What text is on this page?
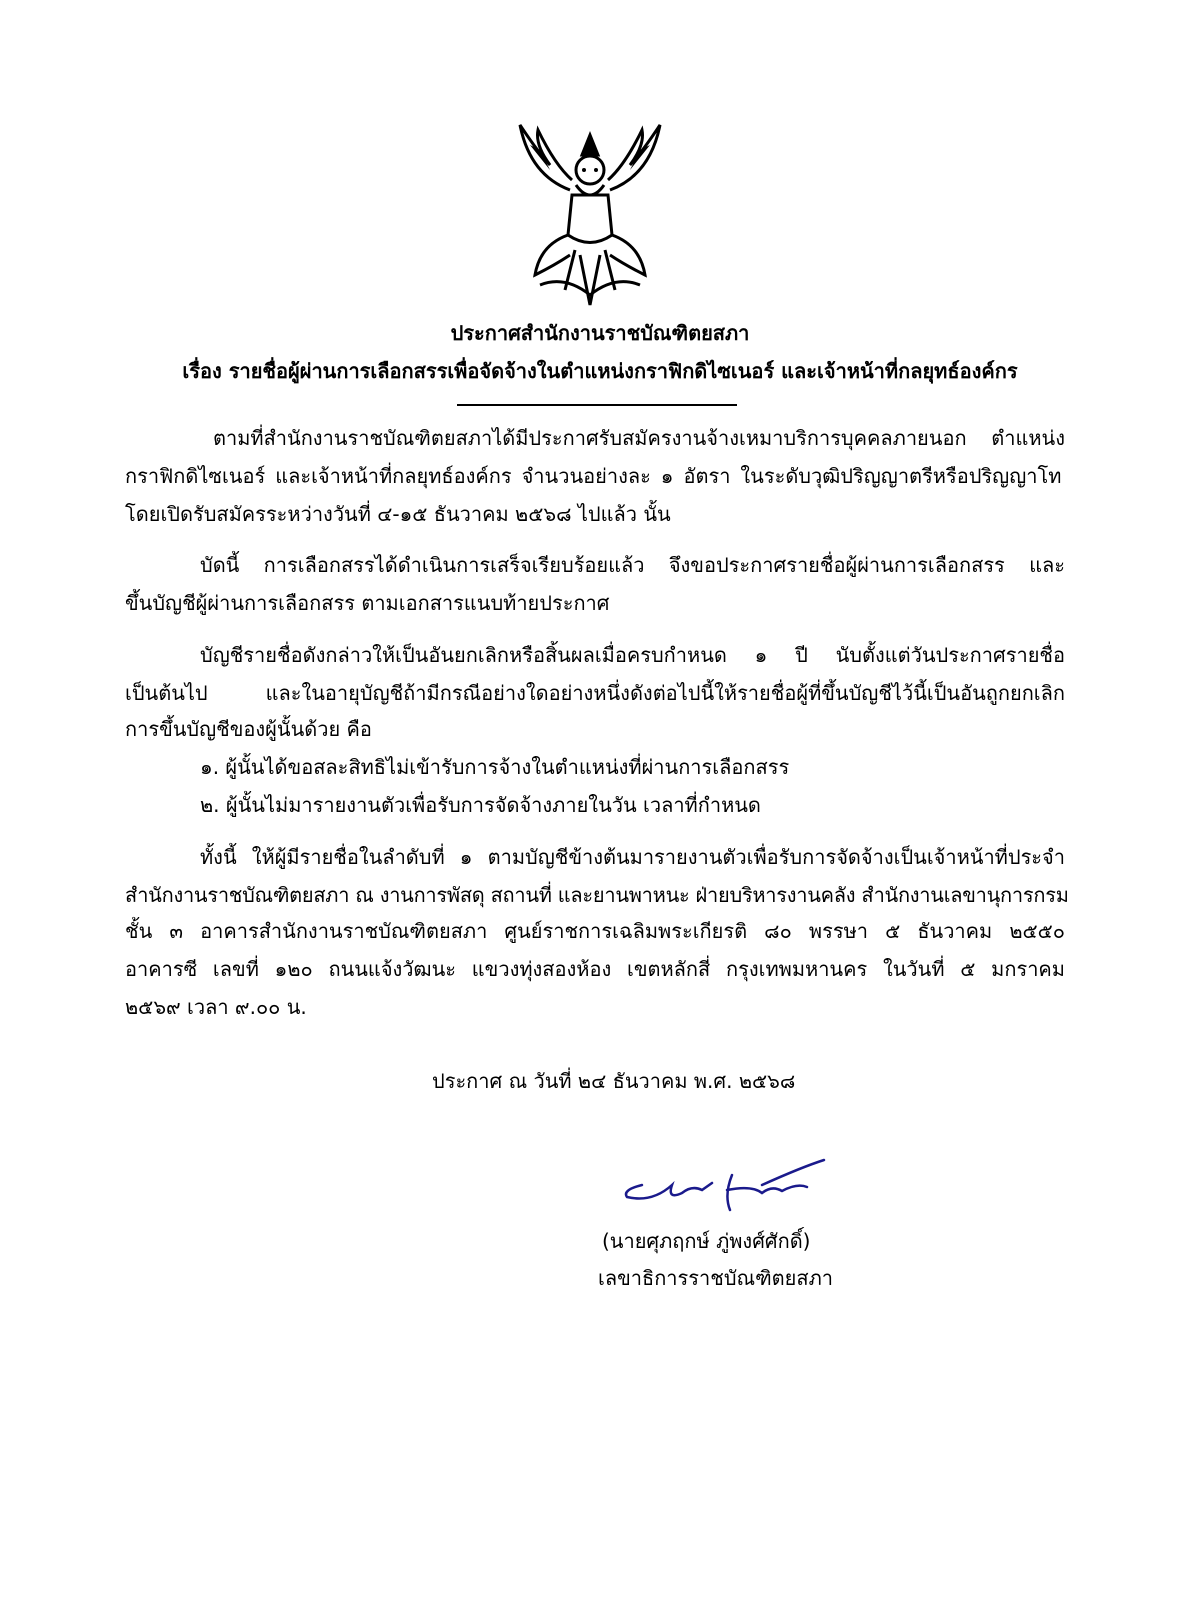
ประกาศสำนักงานราชบัณฑิตยสภา
เรื่อง รายชื่อผู้ผ่านการเลือกสรรเพื่อจัดจ้างในตำแหน่งกราฟิกดิไซเนอร์ และเจ้าหน้าที่กลยุทธ์องค์กร
ตามที่สำนักงานราชบัณฑิตยสภาได้มีประกาศรับสมัครงานจ้างเหมาบริการบุคคลภายนอก ตำแหน่ง
กราฟิกดิไซเนอร์ และเจ้าหน้าที่กลยุทธ์องค์กร จำนวนอย่างละ ๑ อัตรา ในระดับวุฒิปริญญาตรีหรือปริญญาโท
โดยเปิดรับสมัครระหว่างวันที่ ๔-๑๕ ธันวาคม ๒๕๖๘ ไปแล้ว นั้น
บัดนี้ การเลือกสรรได้ดำเนินการเสร็จเรียบร้อยแล้ว จึงขอประกาศรายชื่อผู้ผ่านการเลือกสรร และ
ขึ้นบัญชีผู้ผ่านการเลือกสรร ตามเอกสารแนบท้ายประกาศ
บัญชีรายชื่อดังกล่าวให้เป็นอันยกเลิกหรือสิ้นผลเมื่อครบกำหนด ๑ ปี นับตั้งแต่วันประกาศรายชื่อ
เป็นต้นไป และในอายุบัญชีถ้ามีกรณีอย่างใดอย่างหนึ่งดังต่อไปนี้ให้รายชื่อผู้ที่ขึ้นบัญชีไว้นี้เป็นอันถูกยกเลิก
การขึ้นบัญชีของผู้นั้นด้วย คือ
๑. ผู้นั้นได้ขอสละสิทธิไม่เข้ารับการจ้างในตำแหน่งที่ผ่านการเลือกสรร
๒. ผู้นั้นไม่มารายงานตัวเพื่อรับการจัดจ้างภายในวัน เวลาที่กำหนด
ทั้งนี้ ให้ผู้มีรายชื่อในลำดับที่ ๑ ตามบัญชีข้างต้นมารายงานตัวเพื่อรับการจัดจ้างเป็นเจ้าหน้าที่ประจำ
สำนักงานราชบัณฑิตยสภา ณ งานการพัสดุ สถานที่ และยานพาหนะ ฝ่ายบริหารงานคลัง สำนักงานเลขานุการกรม
ชั้น ๓ อาคารสำนักงานราชบัณฑิตยสภา ศูนย์ราชการเฉลิมพระเกียรติ ๘๐ พรรษา ๕ ธันวาคม ๒๕๕๐
อาคารซี เลขที่ ๑๒๐ ถนนแจ้งวัฒนะ แขวงทุ่งสองห้อง เขตหลักสี่ กรุงเทพมหานคร ในวันที่ ๕ มกราคม
๒๕๖๙ เวลา ๙.๐๐ น.
ประกาศ ณ วันที่ ๒๔ ธันวาคม พ.ศ. ๒๕๖๘
(นายศุภฤกษ์ ภู่พงศ์ศักดิ์)
เลขาธิการราชบัณฑิตยสภา
